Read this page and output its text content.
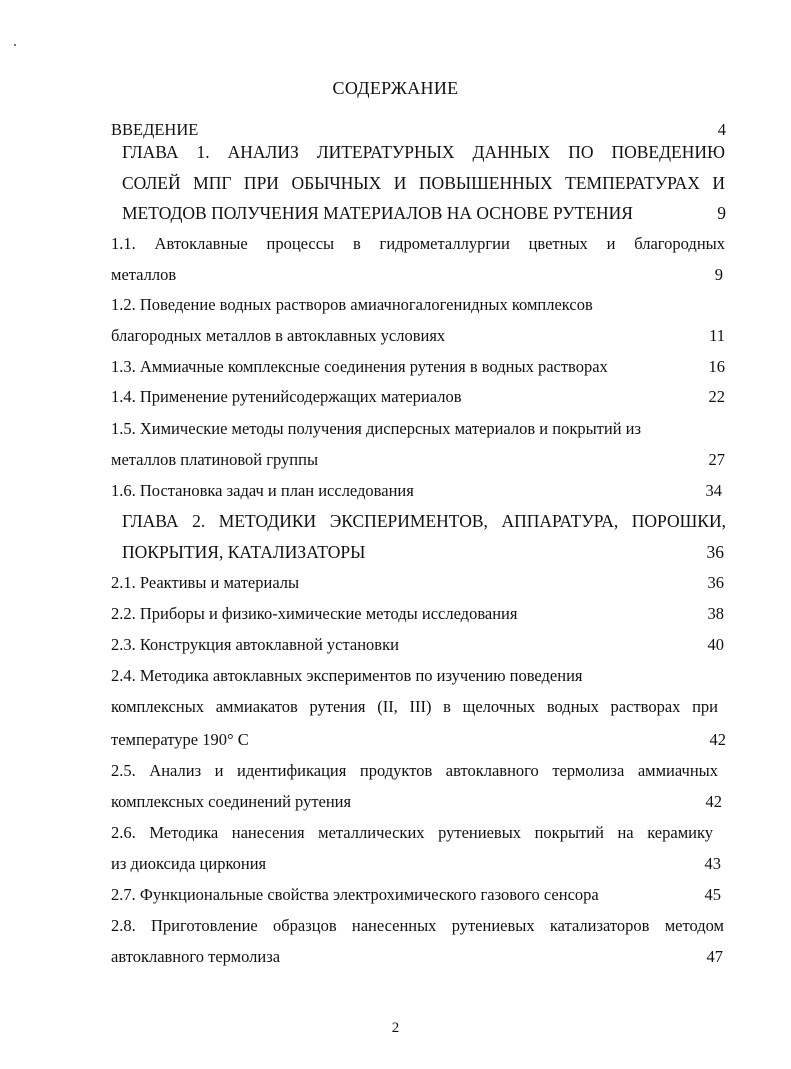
СОДЕРЖАНИЕ
ВВЕДЕНИЕ	4
ГЛАВА 1. АНАЛИЗ ЛИТЕРАТУРНЫХ ДАННЫХ ПО ПОВЕДЕНИЮ
СОЛЕЙ МПГ ПРИ ОБЫЧНЫХ И ПОВЫШЕННЫХ ТЕМПЕРАТУРАХ И
МЕТОДОВ ПОЛУЧЕНИЯ МАТЕРИАЛОВ НА ОСНОВЕ РУТЕНИЯ	9
1.1. Автоклавные процессы в гидрометаллургии цветных и благородных
металлов	9
1.2. Поведение водных растворов амиачногалогенидных комплексов
благородных металлов в автоклавных условиях	11
1.3. Аммиачные комплексные соединения рутения в водных растворах	16
1.4. Применение рутенийсодержащих материалов	22
1.5. Химические методы получения дисперсных материалов и покрытий из
металлов платиновой группы	27
1.6. Постановка задач и план исследования	34
ГЛАВА 2. МЕТОДИКИ ЭКСПЕРИМЕНТОВ, АППАРАТУРА, ПОРОШКИ,
ПОКРЫТИЯ, КАТАЛИЗАТОРЫ	36
2.1. Реактивы и материалы	36
2.2. Приборы и физико-химические методы исследования	38
2.3. Конструкция автоклавной установки	40
2.4. Методика автоклавных экспериментов по изучению поведения
комплексных аммиакатов рутения (II, III) в щелочных водных растворах при
температуре 190° С	42
2.5. Анализ и идентификация продуктов автоклавного термолиза аммиачных
комплексных соединений рутения	42
2.6. Методика нанесения металлических рутениевых покрытий на керамику
из диоксида циркония	43
2.7. Функциональные свойства электрохимического газового сенсора	45
2.8. Приготовление образцов нанесенных рутениевых катализаторов методом
автоклавного термолиза	47
2
